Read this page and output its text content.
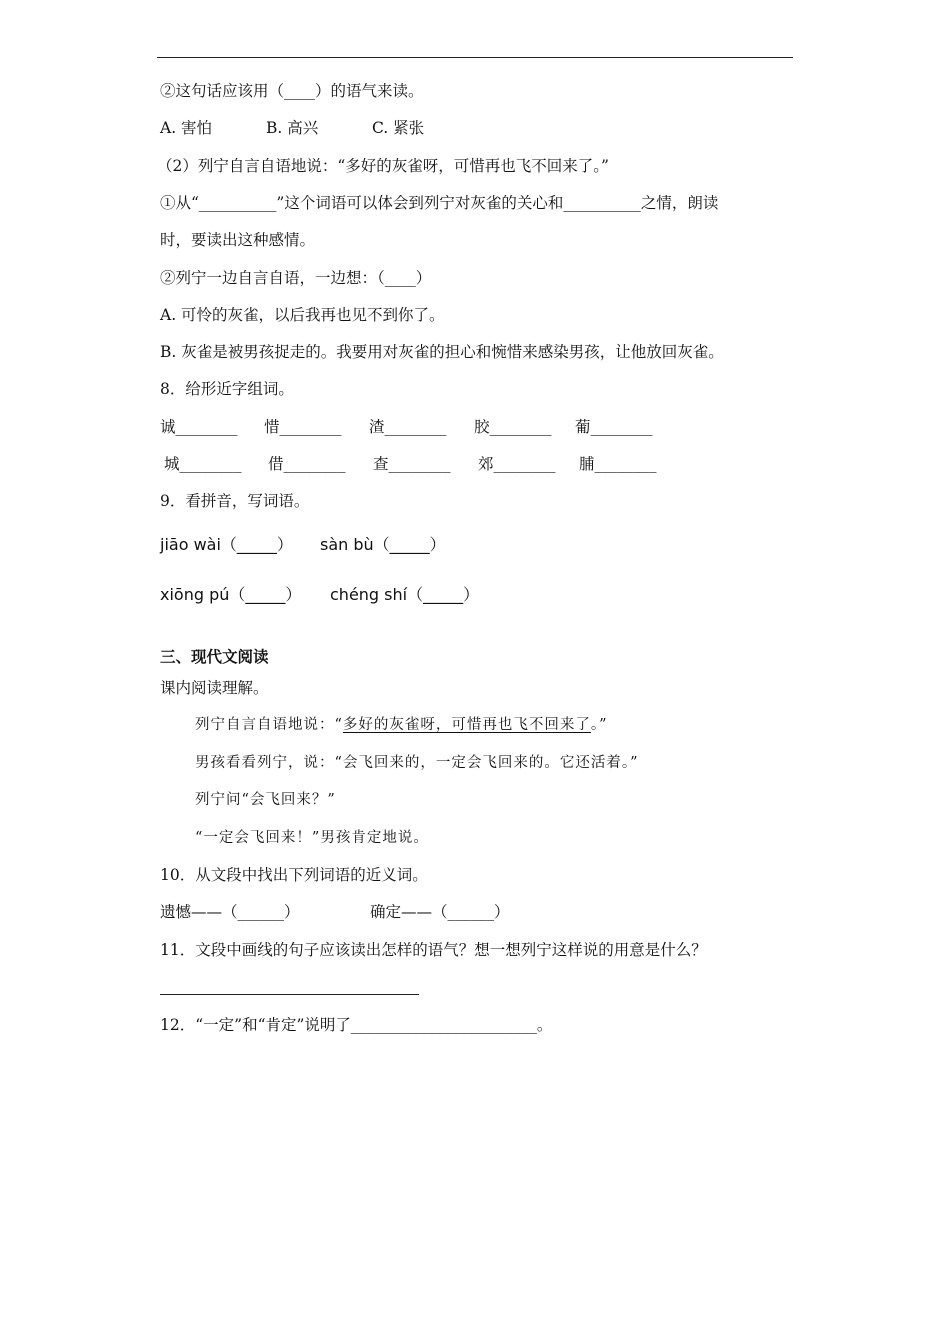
②这句话应该用（____）的语气来读。
A. 害怕	B. 高兴	C. 紧张
（2）列宁自言自语地说：“多好的灰雀呀，可惜再也飞不回来了。”
①从“__________”这个词语可以体会到列宁对灰雀的关心和__________之情，朗读
时，要读出这种感情。
②列宁一边自言自语，一边想：（____）
A. 可怜的灰雀，以后我再也见不到你了。
B. 灰雀是被男孩捉走的。我要用对灰雀的担心和惋惜来感染男孩，让他放回灰雀。
8．给形近字组词。
诚________ 惜________ 渣________ 胶________ 葡________
城________ 借________ 查________ 郊________ 脯________
9．看拼音，写词语。
jiāo wài（_____） sàn bù（_____）
xiōng pú（_____） chéng shí（_____）
三、现代文阅读
课内阅读理解。
列宁自言自语地说：“多好的灰雀呀，可惜再也飞不回来了。”
男孩看看列宁，说：“会飞回来的，一定会飞回来的。它还活着。”
列宁问“会飞回来？”
“一定会飞回来！”男孩肯定地说。
10．从文段中找出下列词语的近义词。
遗憾——（______）	确定——（______）
11．文段中画线的句子应该读出怎样的语气？想一想列宁这样说的用意是什么？
12．“一定”和“肯定”说明了________________________。
